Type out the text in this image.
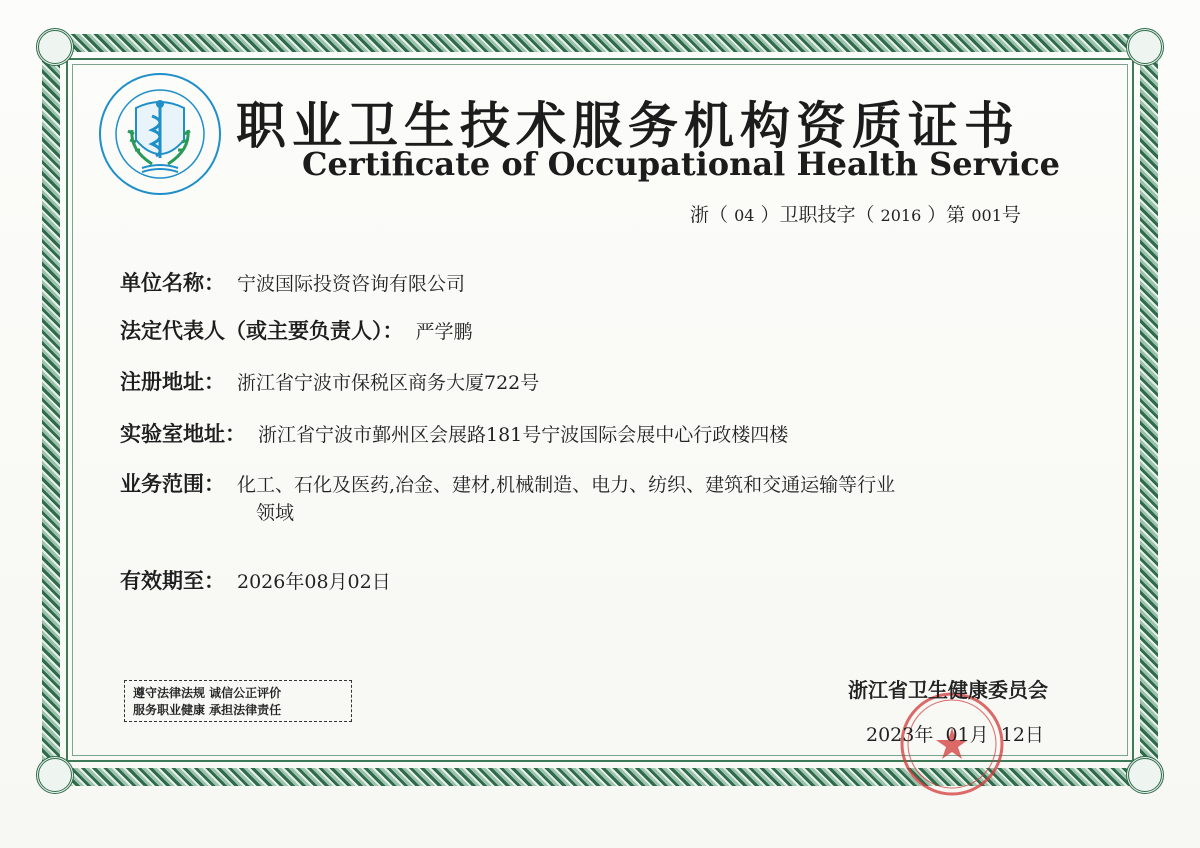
职业卫生技术服务机构资质证书
Certificate of Occupational Health Service
浙（ 04 ）卫职技字（ 2016 ）第 001号
单位名称： 宁波国际投资咨询有限公司
法定代表人（或主要负责人）： 严学鹏
注册地址： 浙江省宁波市保税区商务大厦722号
实验室地址： 浙江省宁波市鄞州区会展路181号宁波国际会展中心行政楼四楼
业务范围： 化工、石化及医药,冶金、建材,机械制造、电力、纺织、建筑和交通运输等行业
领域
有效期至： 2026年08月02日
遵守法律法规 诚信公正评价
服务职业健康 承担法律责任
浙江省卫生健康委员会
2023年 01月 12日
